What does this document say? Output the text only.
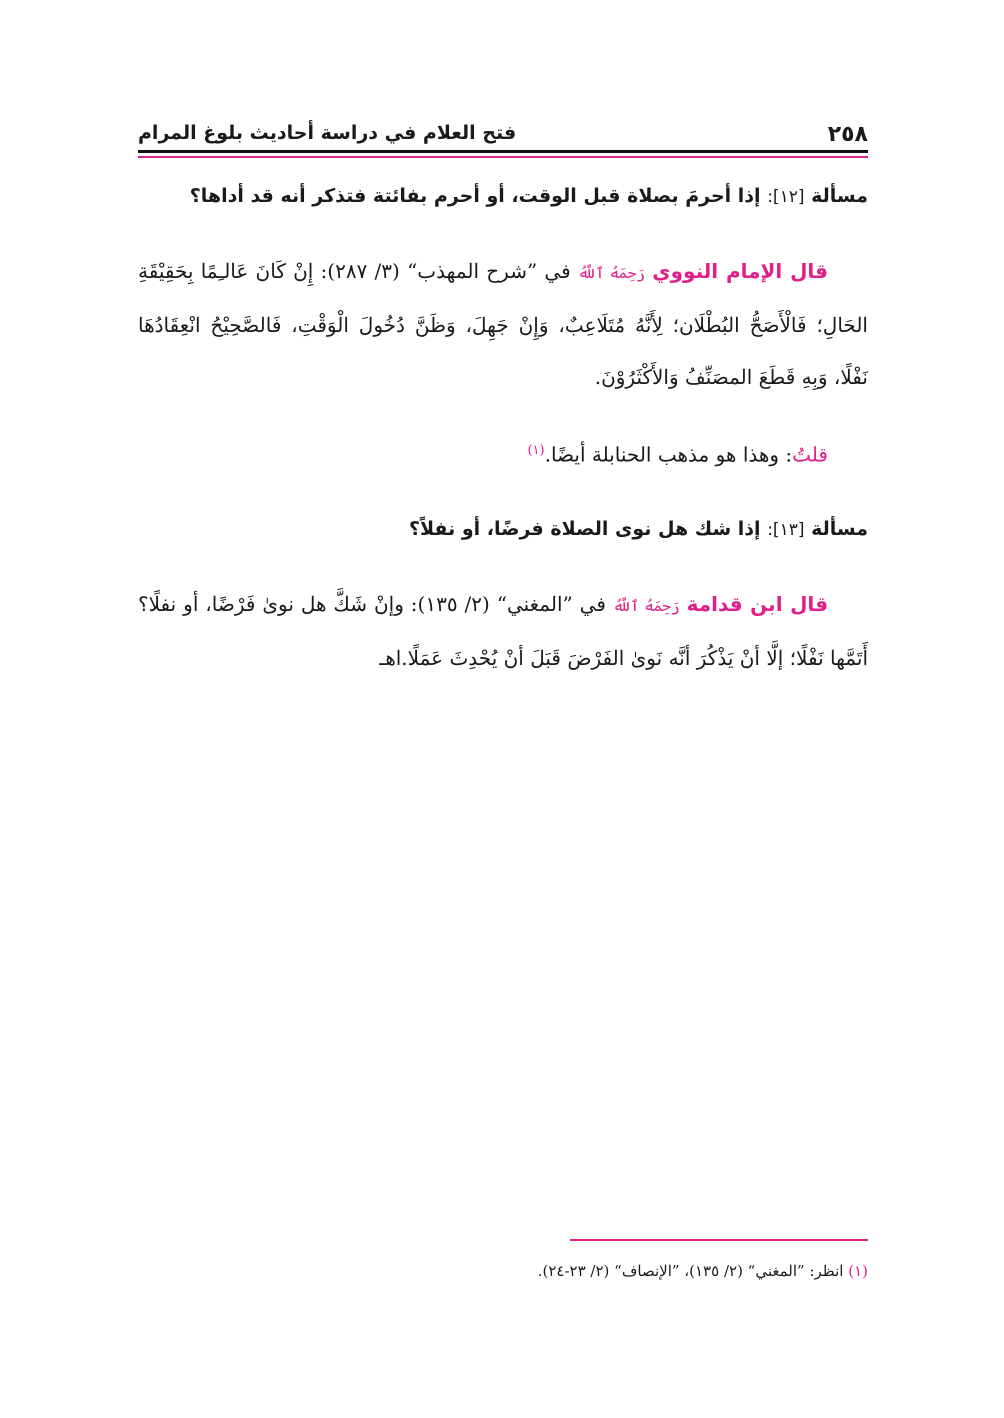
٢٥٨
فتح العلام في دراسة أحاديث بلوغ المرام

مسألة [١٢]: إذا أحرمَ بصلاة قبل الوقت، أو أحرم بفائتة فتذكر أنه قد أداها؟

قال الإمام النووي رَحِمَهُ ٱللَّهُ في ”شرح المهذب“ (٣/ ٢٨٧): إِنْ كَانَ عَالـِمًا بِحَقِيْقَةِ الحَالِ؛ فَالْأَصَحُّ البُطْلَان؛ لِأَنَّهُ مُتَلَاعِبٌ، وَإِنْ جَهِلَ، وَظَنَّ دُخُولَ الْوَقْتِ، فَالصَّحِيْحُ انْعِقَادُهَا نَفْلًا، وَبِهِ قَطَعَ المصَنِّفُ وَالأَكْثَرُوْنَ.

قلتُ: وهذا هو مذهب الحنابلة أيضًا.$^{(١)}$

مسألة [١٣]: إذا شك هل نوى الصلاة فرضًا، أو نفلاً؟

قال ابن قدامة رَحِمَهُ ٱللَّهُ في ”المغني“ (٢/ ١٣٥): وإنْ شَكَّ هل نوىٰ فَرْضًا، أو نفلًا؟ أَتَمَّها نَفْلًا؛ إلَّا أنْ يَذْكُرَ أنَّه نَوىٰ الفَرْضَ قَبَلَ أنْ يُحْدِثَ عَمَلًا.اهـ

(١) انظر: ”المغني“ (٢/ ١٣٥)، ”الإنصاف“ (٢/ ٢٣-٢٤).
